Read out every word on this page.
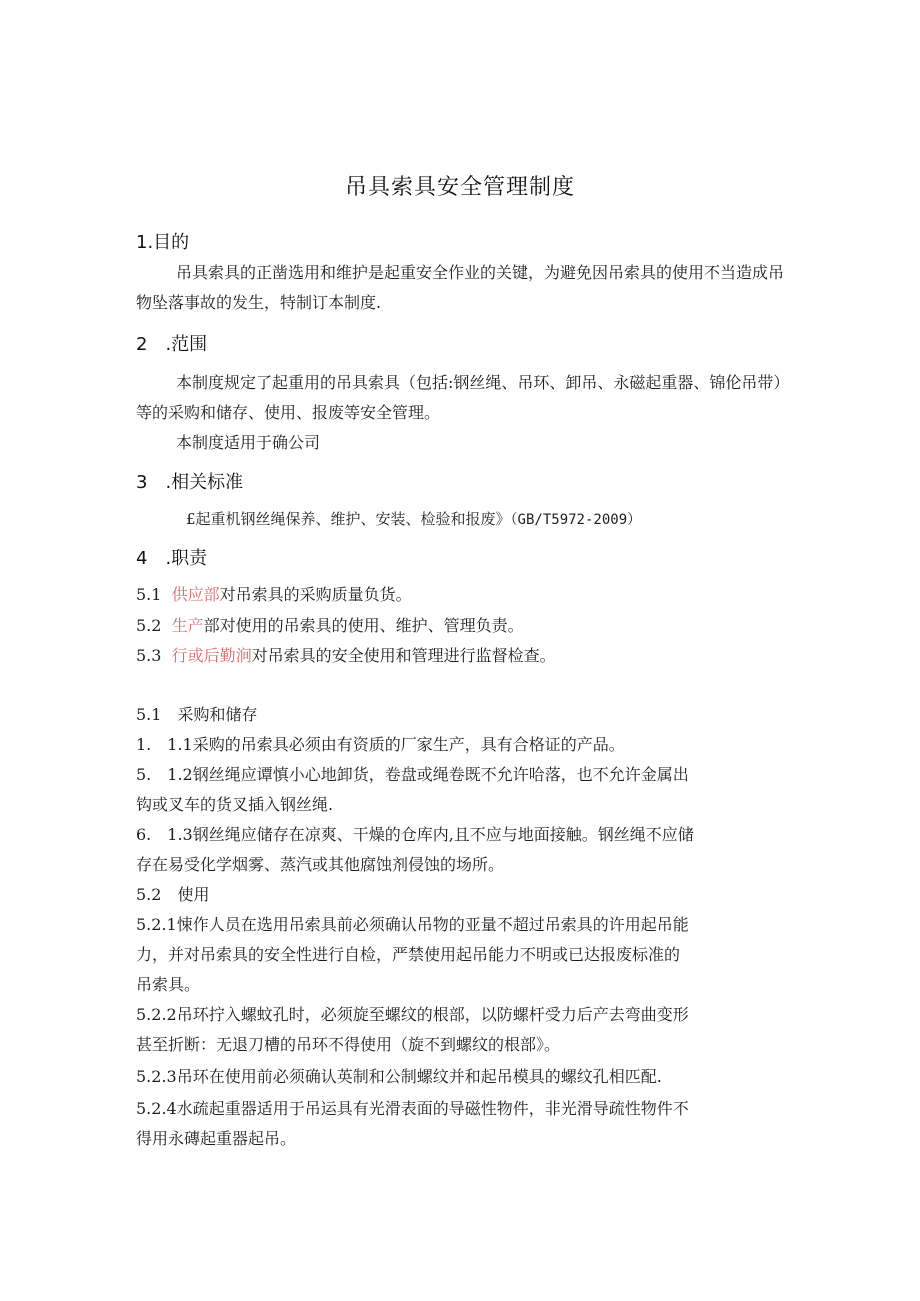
吊具索具安全管理制度
1.目的
吊具索具的正凿选用和维护是起重安全作业的关键，为避免因吊索具的使用不当造成吊物坠落事故的发生，特制订本制度.
2　.范围
本制度规定了起重用的吊具索具（包括:钢丝绳、吊环、卸吊、永磁起重器、锦伦吊带）等的采购和储存、使用、报废等安全管理。
本制度适用于确公司
3　.相关标准
£起重机钢丝绳保养、维护、安装、检验和报废》（GB/T5972-2009）
4　.职责
5.1 供应部对吊索具的采购质量负货。
5.2 生产部对使用的吊索具的使用、维护、管理负责。
5.3 行或后勤涧对吊索具的安全使用和管理进行监督检查。
5.1　采购和储存
1.　1.1采购的吊索具必须由有资质的厂家生产，具有合格证的产品。
5.　1.2钢丝绳应谭慎小心地卸货，卷盘或绳卷既不允许哈落，也不允许金属出
钩或叉车的货叉插入钢丝绳.
6.　1.3钢丝绳应储存在凉爽、干燥的仓库内,且不应与地面接触。钢丝绳不应储
存在易受化学烟雾、蒸汽或其他腐蚀剂侵蚀的场所。
5.2　使用
5.2.1悚作人员在选用吊索具前必须确认吊物的亚量不超过吊索具的许用起吊能
力，并对吊索具的安全性进行自检，严禁使用起吊能力不明或已达报废标准的
吊索具。
5.2.2吊环拧入螺蚊孔时，必须旋至螺纹的根部，以防螺杆受力后产去弯曲变形
甚至折断：无退刀槽的吊环不得使用（旋不到螺纹的根部》。
5.2.3吊环在使用前必须确认英制和公制螺纹并和起吊模具的螺纹孔相匹配.
5.2.4水疏起重器适用于吊运具有光滑表面的导磁性物件，非光滑导疏性物件不
得用永磚起重器起吊。
